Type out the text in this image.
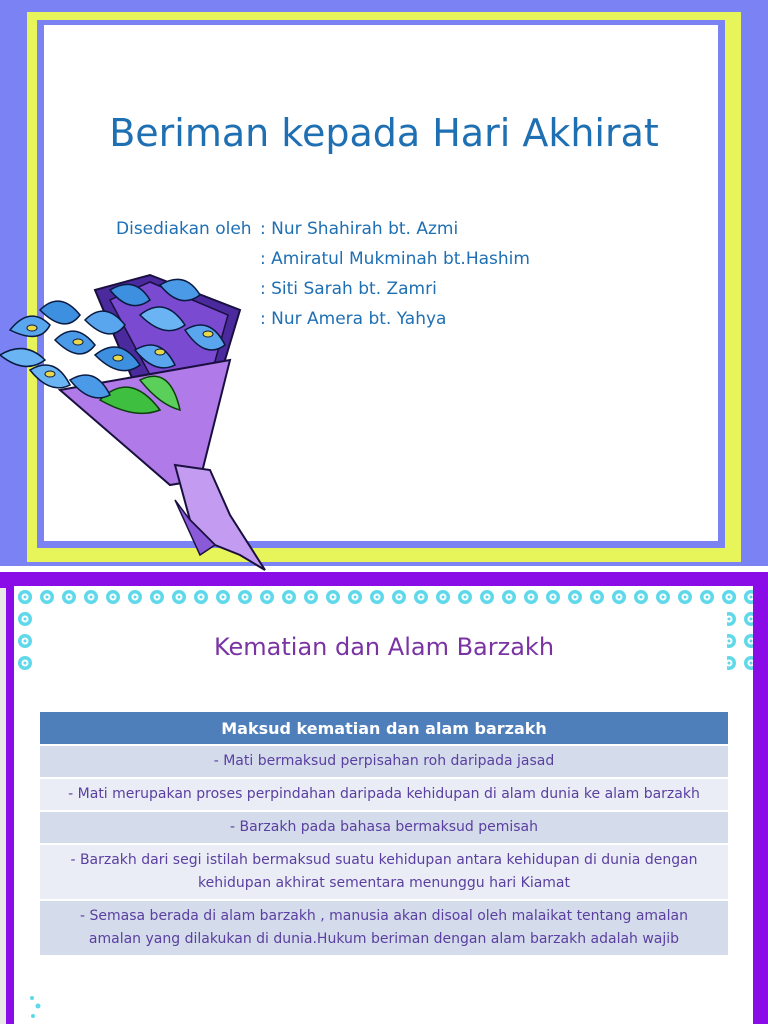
Beriman kepada Hari Akhirat
Disediakan oleh : Nur Shahirah bt. Azmi
: Amiratul Mukminah bt.Hashim
: Siti Sarah bt. Zamri
: Nur Amera bt. Yahya
Kematian dan Alam Barzakh
Maksud kematian dan alam barzakh
- Mati bermaksud perpisahan roh daripada jasad
- Mati merupakan proses perpindahan daripada kehidupan di alam dunia ke alam barzakh
- Barzakh pada bahasa bermaksud pemisah
- Barzakh dari segi istilah bermaksud suatu kehidupan antara kehidupan di dunia dengan kehidupan akhirat sementara menunggu hari Kiamat
- Semasa berada di alam barzakh , manusia akan disoal oleh malaikat tentang amalan amalan yang dilakukan di dunia.Hukum beriman dengan alam barzakh adalah wajib
